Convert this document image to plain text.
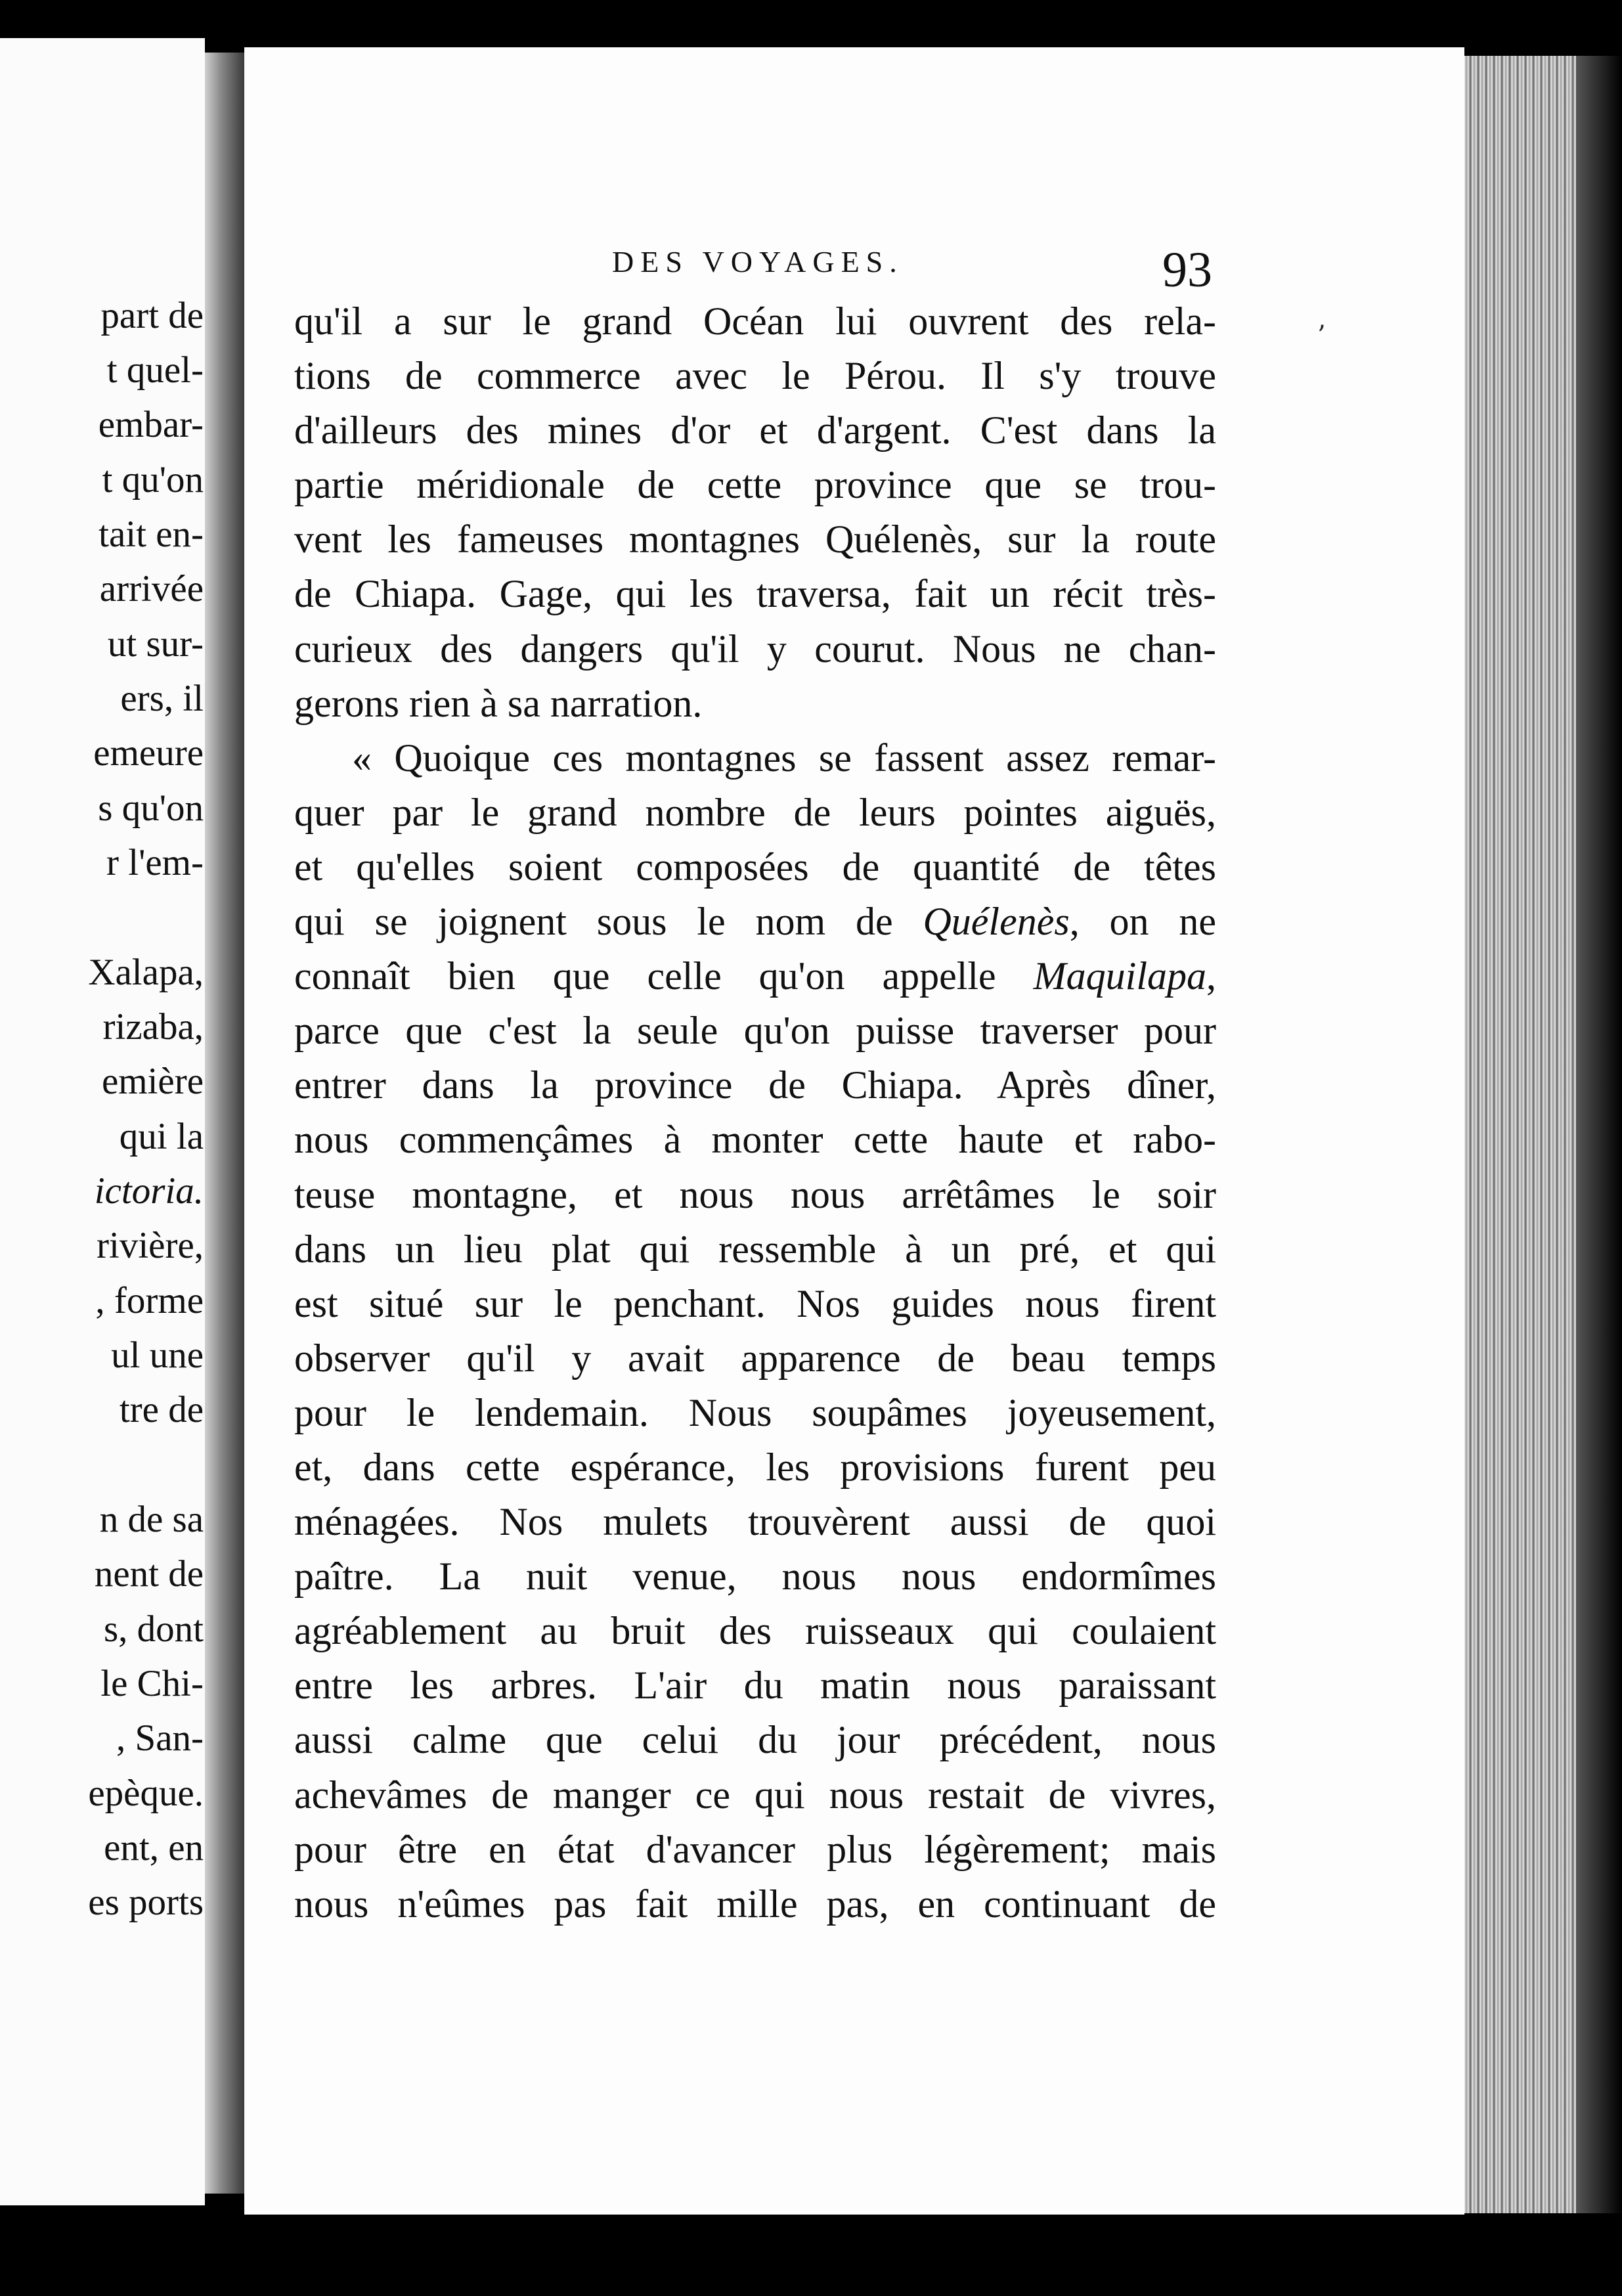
part de
t quel-
embar-
t qu'on
tait en-
arrivée
ut sur-
ers, il
emeure
s qu'on
r l'em-
Xalapa,
rizaba,
emière
qui la
ictoria.
rivière,
, forme
ul une
tre de
n de sa
nent de
s, dont
le Chi-
, San-
epèque.
ent, en
es ports
DES VOYAGES.	93
’
qu'il a sur le grand Océan lui ouvrent des rela-
tions de commerce avec le Pérou. Il s'y trouve
d'ailleurs des mines d'or et d'argent. C'est dans la
partie méridionale de cette province que se trou-
vent les fameuses montagnes Quélenès, sur la route
de Chiapa. Gage, qui les traversa, fait un récit très-
curieux des dangers qu'il y courut. Nous ne chan-
gerons rien à sa narration.
« Quoique ces montagnes se fassent assez remar-
quer par le grand nombre de leurs pointes aiguës,
et qu'elles soient composées de quantité de têtes
qui se joignent sous le nom de Quélenès, on ne
connaît bien que celle qu'on appelle Maquilapa,
parce que c'est la seule qu'on puisse traverser pour
entrer dans la province de Chiapa. Après dîner,
nous commençâmes à monter cette haute et rabo-
teuse montagne, et nous nous arrêtâmes le soir
dans un lieu plat qui ressemble à un pré, et qui
est situé sur le penchant. Nos guides nous firent
observer qu'il y avait apparence de beau temps
pour le lendemain. Nous soupâmes joyeusement,
et, dans cette espérance, les provisions furent peu
ménagées. Nos mulets trouvèrent aussi de quoi
paître. La nuit venue, nous nous endormîmes
agréablement au bruit des ruisseaux qui coulaient
entre les arbres. L'air du matin nous paraissant
aussi calme que celui du jour précédent, nous
achevâmes de manger ce qui nous restait de vivres,
pour être en état d'avancer plus légèrement; mais
nous n'eûmes pas fait mille pas, en continuant de
